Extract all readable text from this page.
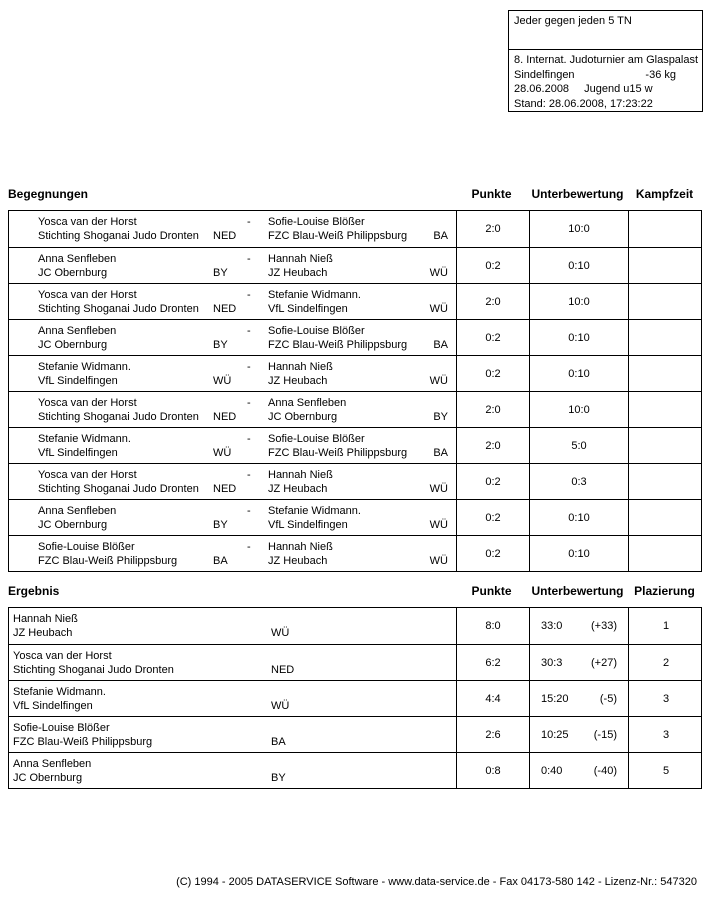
Jeder gegen jeden 5 TN
8. Internat. Judoturnier am Glaspalast
Sindelfingen	-36 kg
28.06.2008 Jugend u15 w
Stand: 28.06.2008, 17:23:22
Begegnungen	Punkte	Unterbewertung	Kampfzeit
Yosca van der Horst	- Sofie-Louise Blößer
Stichting Shoganai Judo Dronten NED	FZC Blau-Weiß Philippsburg BA
2:0	10:0
Anna Senfleben	- Hannah Nieß
JC Obernburg	BY	JZ Heubach	WÜ
0:2	0:10
Yosca van der Horst	- Stefanie Widmann.
Stichting Shoganai Judo Dronten NED	VfL Sindelfingen	WÜ
2:0	10:0
Anna Senfleben	- Sofie-Louise Blößer
JC Obernburg	BY	FZC Blau-Weiß Philippsburg BA
0:2	0:10
Stefanie Widmann.	- Hannah Nieß
VfL Sindelfingen	WÜ	JZ Heubach	WÜ
0:2	0:10
Yosca van der Horst	- Anna Senfleben
Stichting Shoganai Judo Dronten NED	JC Obernburg	BY
2:0	10:0
Stefanie Widmann.	- Sofie-Louise Blößer
VfL Sindelfingen	WÜ	FZC Blau-Weiß Philippsburg BA
2:0	5:0
Yosca van der Horst	- Hannah Nieß
Stichting Shoganai Judo Dronten NED	JZ Heubach	WÜ
0:2	0:3
Anna Senfleben	- Stefanie Widmann.
JC Obernburg	BY	VfL Sindelfingen	WÜ
0:2	0:10
Sofie-Louise Blößer	- Hannah Nieß
FZC Blau-Weiß Philippsburg	BA	JZ Heubach	WÜ
0:2	0:10
Ergebnis	Punkte	Unterbewertung Plazierung
Hannah Nieß
JZ Heubach	WÜ
8:0	33:0	(+33)	1
Yosca van der Horst
Stichting Shoganai Judo Dronten	NED
6:2	30:3	(+27)	2
Stefanie Widmann.
VfL Sindelfingen	WÜ
4:4	15:20	(-5)	3
Sofie-Louise Blößer
FZC Blau-Weiß Philippsburg	BA
2:6	10:25 (-15)	3
Anna Senfleben
JC Obernburg	BY
0:8	0:40	(-40)	5
(C) 1994 - 2005 DATASERVICE Software - www.data-service.de - Fax 04173-580 142 - Lizenz-Nr.: 547320
